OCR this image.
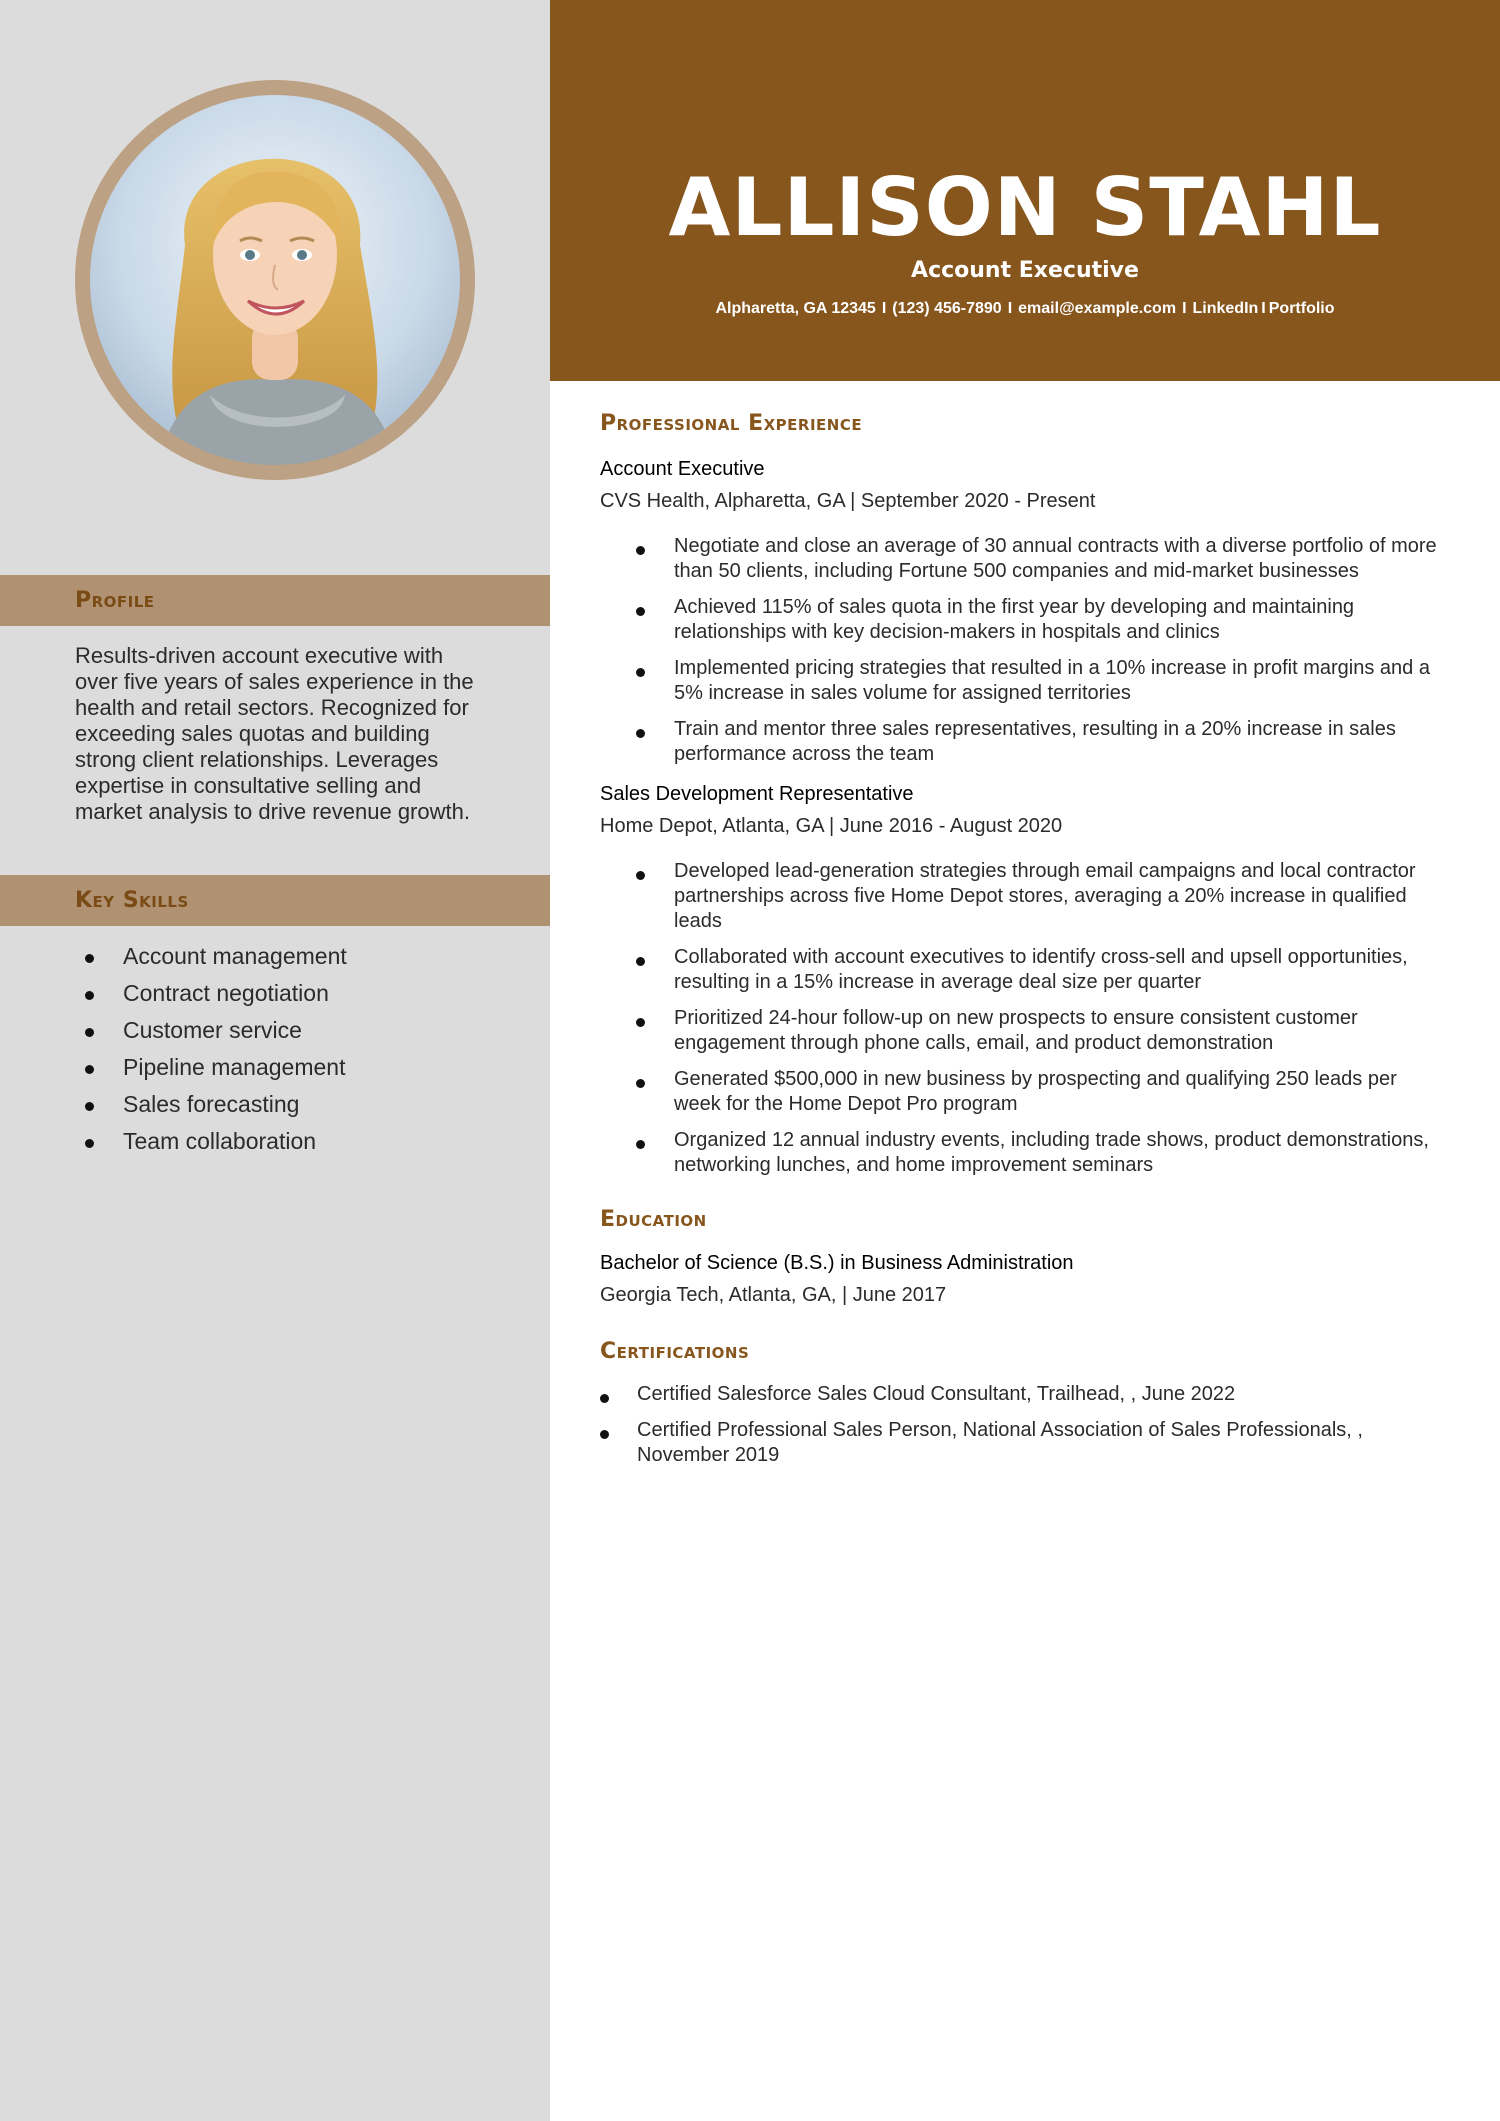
ALLISON STAHL
Account Executive
Alpharetta, GA 12345 I (123) 456-7890 I email@example.com I LinkedIn I Portfolio
Profile

Results-driven account executive with over five years of sales experience in the health and retail sectors. Recognized for exceeding sales quotas and building strong client relationships. Leverages expertise in consultative selling and market analysis to drive revenue growth.

Key Skills
Account management
Contract negotiation
Customer service
Pipeline management
Sales forecasting
Team collaboration
Professional Experience
Account Executive
CVS Health, Alpharetta, GA | September 2020 - Present
Negotiate and close an average of 30 annual contracts with a diverse portfolio of more than 50 clients, including Fortune 500 companies and mid-market businesses
Achieved 115% of sales quota in the first year by developing and maintaining relationships with key decision-makers in hospitals and clinics
Implemented pricing strategies that resulted in a 10% increase in profit margins and a 5% increase in sales volume for assigned territories
Train and mentor three sales representatives, resulting in a 20% increase in sales performance across the team
Sales Development Representative
Home Depot, Atlanta, GA | June 2016 - August 2020
Developed lead-generation strategies through email campaigns and local contractor partnerships across five Home Depot stores, averaging a 20% increase in qualified leads
Collaborated with account executives to identify cross-sell and upsell opportunities, resulting in a 15% increase in average deal size per quarter
Prioritized 24-hour follow-up on new prospects to ensure consistent customer engagement through phone calls, email, and product demonstration
Generated $500,000 in new business by prospecting and qualifying 250 leads per week for the Home Depot Pro program
Organized 12 annual industry events, including trade shows, product demonstrations, networking lunches, and home improvement seminars
Education
Bachelor of Science (B.S.) in Business Administration
Georgia Tech, Atlanta, GA, | June 2017
Certifications
Certified Salesforce Sales Cloud Consultant, Trailhead, , June 2022
Certified Professional Sales Person, National Association of Sales Professionals, , November 2019
